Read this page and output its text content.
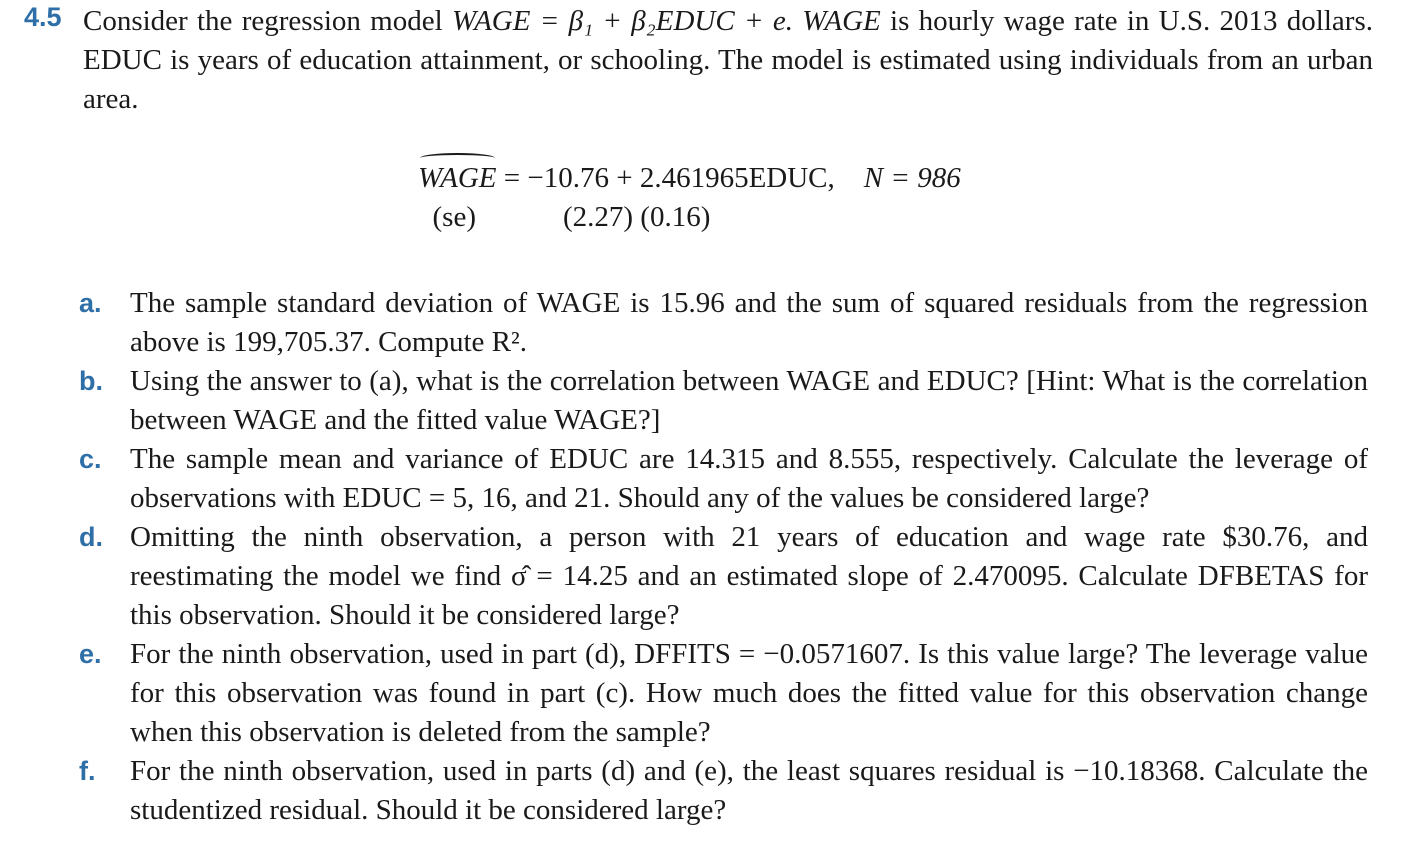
4.5 Consider the regression model WAGE = β₁ + β₂EDUC + e. WAGE is hourly wage rate in U.S. 2013 dollars. EDUC is years of education attainment, or schooling. The model is estimated using individuals from an urban area.
WAGE = −10.76 + 2.461965EDUC, N = 986
(se)	(2.27) (0.16)
a. The sample standard deviation of WAGE is 15.96 and the sum of squared residuals from the regression above is 199,705.37. Compute R².
b. Using the answer to (a), what is the correlation between WAGE and EDUC? [Hint: What is the correlation between WAGE and the fitted value WAGE?]
c. The sample mean and variance of EDUC are 14.315 and 8.555, respectively. Calculate the leverage of observations with EDUC = 5, 16, and 21. Should any of the values be considered large?
d. Omitting the ninth observation, a person with 21 years of education and wage rate $30.76, and reestimating the model we find σ̂ = 14.25 and an estimated slope of 2.470095. Calculate DFBETAS for this observation. Should it be considered large?
e. For the ninth observation, used in part (d), DFFITS = −0.0571607. Is this value large? The leverage value for this observation was found in part (c). How much does the fitted value for this observation change when this observation is deleted from the sample?
f. For the ninth observation, used in parts (d) and (e), the least squares residual is −10.18368. Calculate the studentized residual. Should it be considered large?
